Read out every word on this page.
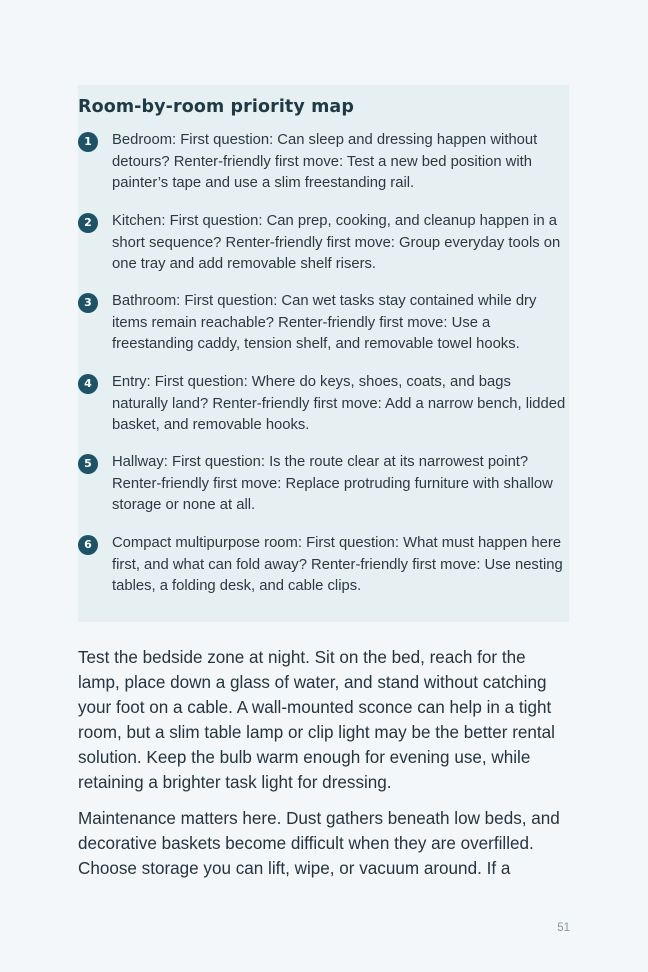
Room-by-room priority map
1	Bedroom: First question: Can sleep and dressing happen without detours? Renter-friendly first move: Test a new bed position with painter’s tape and use a slim freestanding rail.

2	Kitchen: First question: Can prep, cooking, and cleanup happen in a short sequence? Renter-friendly first move: Group everyday tools on one tray and add removable shelf risers.

3	Bathroom: First question: Can wet tasks stay contained while dry items remain reachable? Renter-friendly first move: Use a freestanding caddy, tension shelf, and removable towel hooks.

4	Entry: First question: Where do keys, shoes, coats, and bags naturally land? Renter-friendly first move: Add a narrow bench, lidded basket, and removable hooks.

5	Hallway: First question: Is the route clear at its narrowest point? Renter-friendly first move: Replace protruding furniture with shallow storage or none at all.

6	Compact multipurpose room: First question: What must happen here first, and what can fold away? Renter-friendly first move: Use nesting tables, a folding desk, and cable clips.

Test the bedside zone at night. Sit on the bed, reach for the lamp, place down a glass of water, and stand without catching your foot on a cable. A wall-mounted sconce can help in a tight room, but a slim table lamp or clip light may be the better rental solution. Keep the bulb warm enough for evening use, while retaining a brighter task light for dressing.

Maintenance matters here. Dust gathers beneath low beds, and decorative baskets become difficult when they are overfilled. Choose storage you can lift, wipe, or vacuum around. If a

51
